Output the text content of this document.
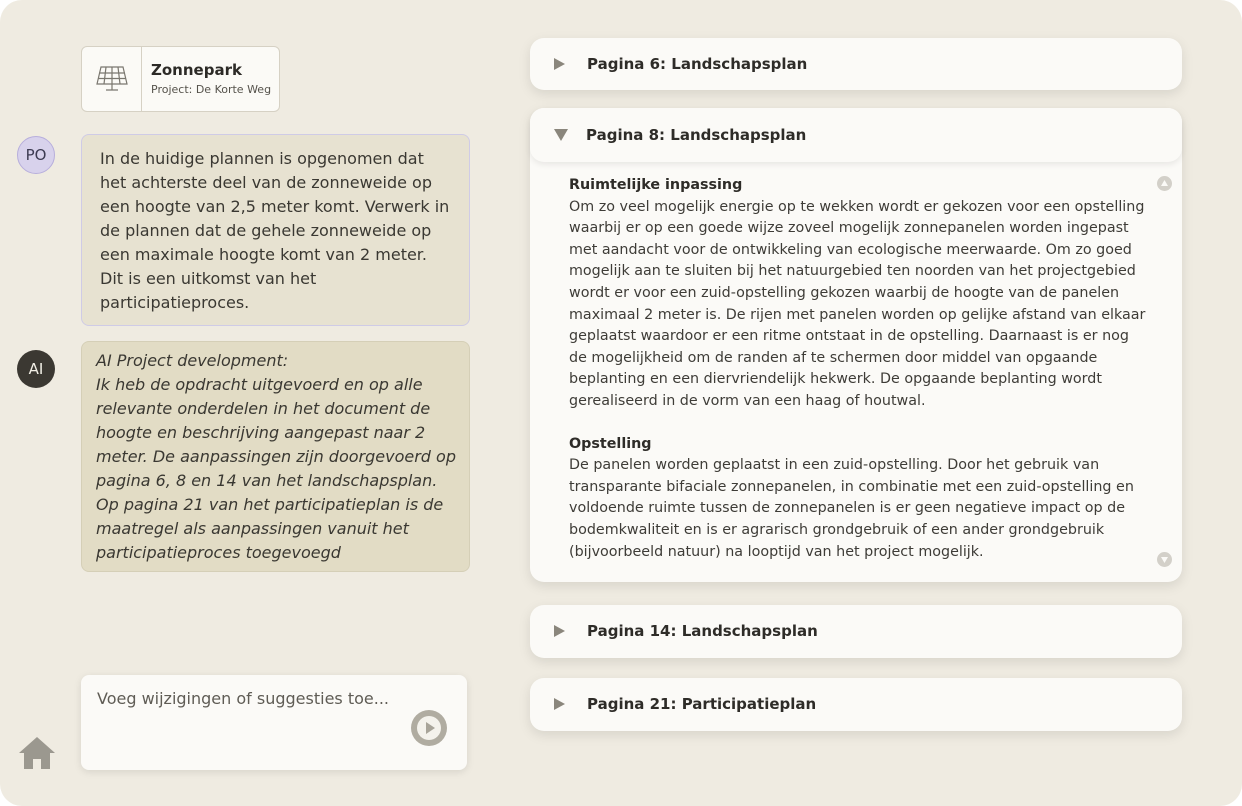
Zonnepark
Project: De Korte Weg
PO	In de huidige plannen is opgenomen dat het achterste deel van de zonneweide op een hoogte van 2,5 meter komt. Verwerk in de plannen dat de gehele zonneweide op een maximale hoogte komt van 2 meter. Dit is een uitkomst van het participatieproces.
AI	AI Project development:
Ik heb de opdracht uitgevoerd en op alle relevante onderdelen in het document de hoogte en beschrijving aangepast naar 2 meter. De aanpassingen zijn doorgevoerd op pagina 6, 8 en 14 van het landschapsplan. Op pagina 21 van het participatieplan is de maatregel als aanpassingen vanuit het participatieproces toegevoegd
Voeg wijzigingen of suggesties toe...
Pagina 6: Landschapsplan
Pagina 8: Landschapsplan
Ruimtelijke inpassing

Om zo veel mogelijk energie op te wekken wordt er gekozen voor een opstelling waarbij er op een goede wijze zoveel mogelijk zonnepanelen worden ingepast met aandacht voor de ontwikkeling van ecologische meerwaarde. Om zo goed mogelijk aan te sluiten bij het natuurgebied ten noorden van het projectgebied wordt er voor een zuid-opstelling gekozen waarbij de hoogte van de panelen maximaal 2 meter is. De rijen met panelen worden op gelijke afstand van elkaar geplaatst waardoor er een ritme ontstaat in de opstelling. Daarnaast is er nog de mogelijkheid om de randen af te schermen door middel van opgaande beplanting en een diervriendelijk hekwerk. De opgaande beplanting wordt gerealiseerd in de vorm van een haag of houtwal.

Opstelling

De panelen worden geplaatst in een zuid-opstelling. Door het gebruik van transparante bifaciale zonnepanelen, in combinatie met een zuid-opstelling en voldoende ruimte tussen de zonnepanelen is er geen negatieve impact op de bodemkwaliteit en is er agrarisch grondgebruik of een ander grondgebruik (bijvoorbeeld natuur) na looptijd van het project mogelijk.

Pagina 14: Landschapsplan
Pagina 21: Participatieplan
